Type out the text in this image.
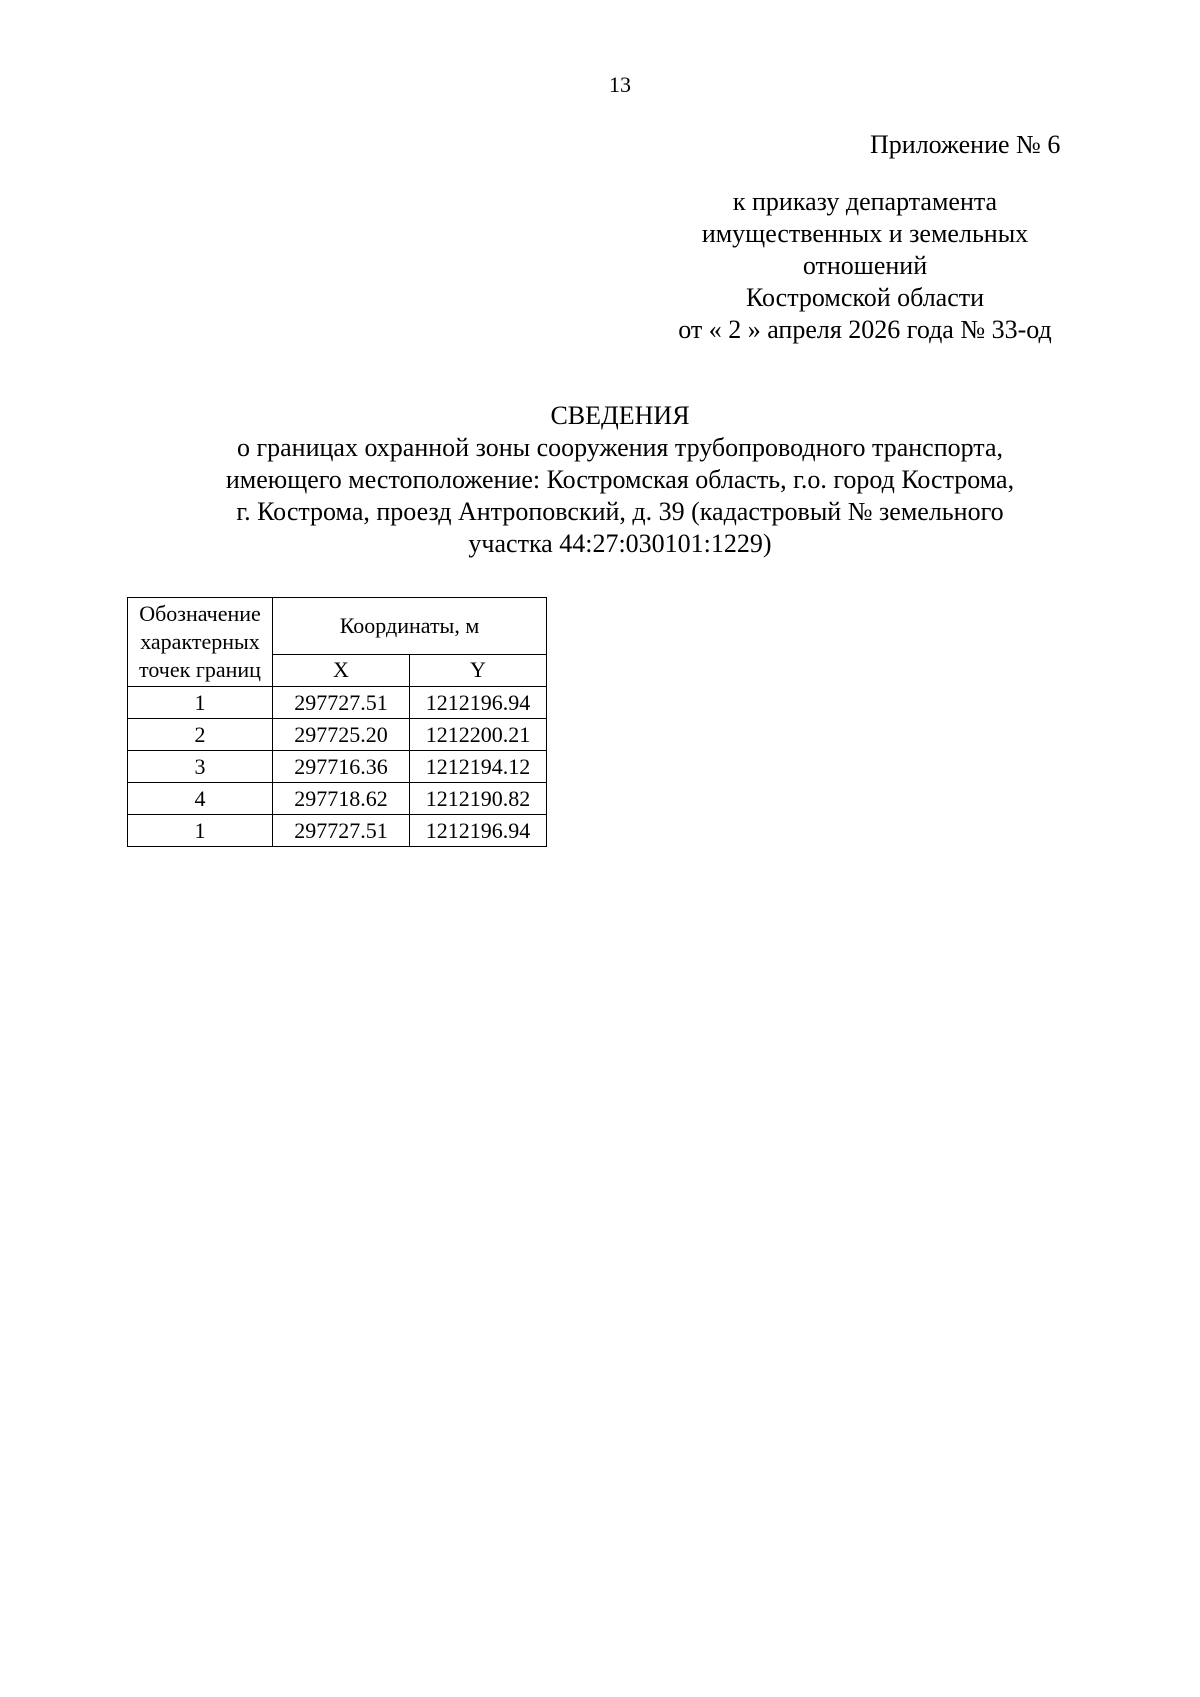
13
Приложение № 6
к приказу департамента
имущественных и земельных
отношений
Костромской области
от « 2 » апреля 2026 года № 33-од
СВЕДЕНИЯ
о границах охранной зоны сооружения трубопроводного транспорта,
имеющего местоположение: Костромская область, г.о. город Кострома,
г. Кострома, проезд Антроповский, д. 39 (кадастровый № земельного
участка 44:27:030101:1229)
Обозначение
характерных
точек границ	Координаты, м	
	X	Y
1	297727.51	1212196.94
2	297725.20	1212200.21
3	297716.36	1212194.12
4	297718.62	1212190.82
1	297727.51	1212196.94
